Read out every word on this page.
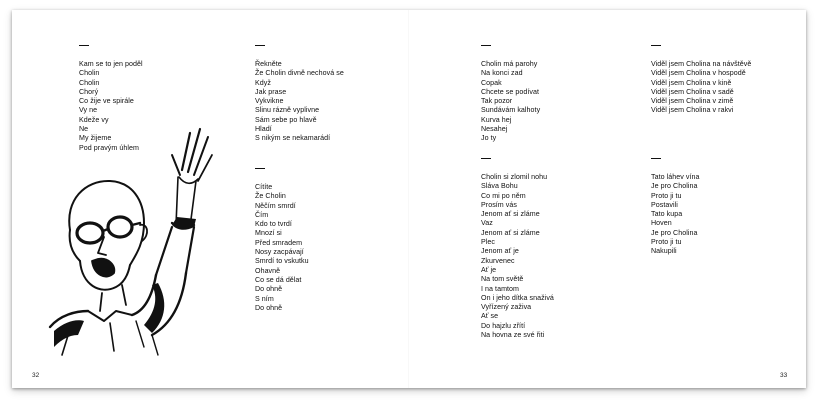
Kam se to jen poděl
Cholin
Cholin
Chorý
Co žije ve spirále
Vy ne
Kdeže vy
Ne
My žijeme
Pod pravým úhlem
Řekněte
Že Cholin divně nechová se
Když
Jak prase
Vykvikne
Slinu rázně vyplivne
Sám sebe po hlavě
Hladí
S nikým se nekamarádí
Cítíte
Že Cholin
Něčím smrdí
Čím
Kdo to tvrdí
Mnozí si
Před smradem
Nosy zacpávají
Smrdí to vskutku
Ohavně
Co se dá dělat
Do ohně
S ním
Do ohně
Cholin má parohy
Na konci zad
Copak
Chcete se podívat
Tak pozor
Sundávám kalhoty
Kurva hej
Nesahej
Jo ty
Cholin si zlomil nohu
Sláva Bohu
Co mi po něm
Prosím vás
Jenom ať si zláme
Vaz
Jenom ať si zláme
Plec
Jenom ať je
Zkurvenec
Ať je
Na tom světě
I na tamtom
On i jeho dítka snaživá
Vyřízený zaživa
Ať se
Do hajzlu zřítí
Na hovna ze své řiti
Viděl jsem Cholina na návštěvě
Viděl jsem Cholina v hospodě
Viděl jsem Cholina v kině
Viděl jsem Cholina v sadě
Viděl jsem Cholina v zimě
Viděl jsem Cholina v rakvi
Tato láhev vína
Je pro Cholina
Proto ji tu
Postavili
Tato kupa
Hoven
Je pro Cholina
Proto ji tu
Nakupili
32	33
